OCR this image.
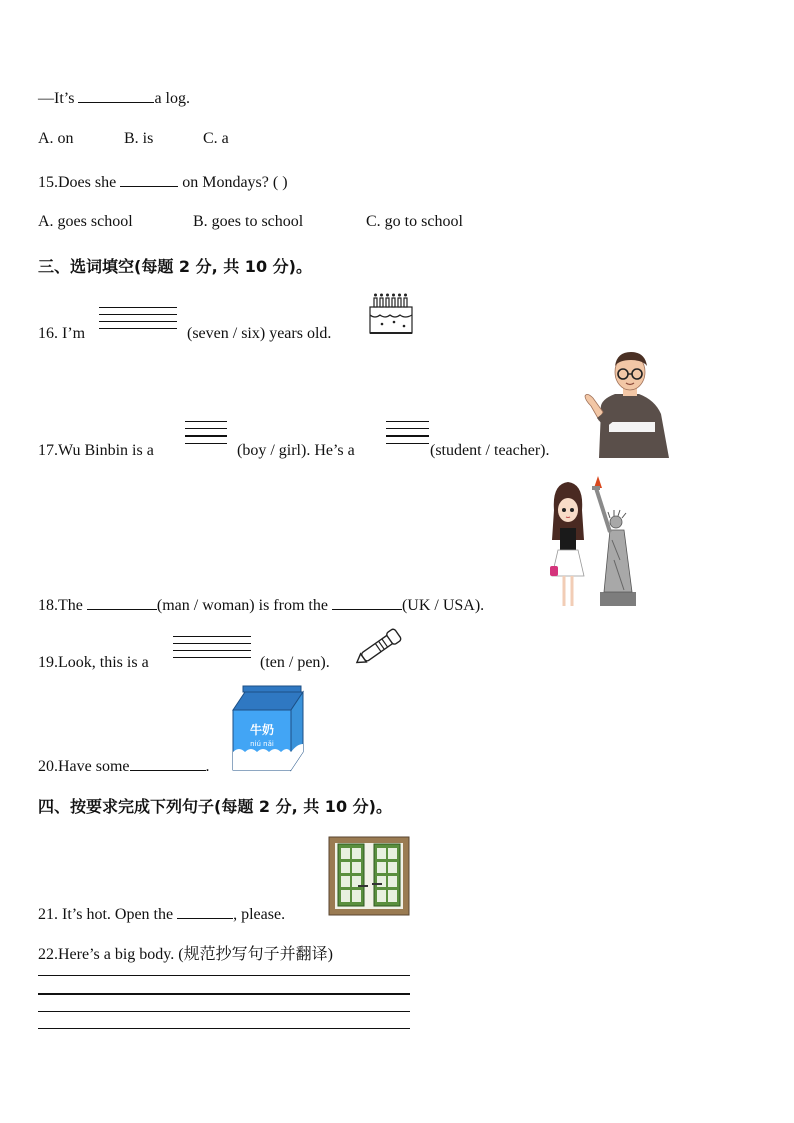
—It’s	a log.
A. on	B. is	C. a
15.Does she	on Mondays? ( )
A. goes school	B. goes to school	C. go to school
三、选词填空(每题 2 分, 共 10 分)。
16. I’m	(seven / six) years old.
17.Wu Binbin is a	(boy / girl). He’s a	(student / teacher).
18.The	(man / woman) is from the	(UK / USA).
19.Look, this is a	(ten / pen).
20.Have some	.
牛奶
niú nǎi
四、按要求完成下列句子(每题 2 分, 共 10 分)。
21. It’s hot. Open the	, please.
22.Here’s a big body. (规范抄写句子并翻译)
